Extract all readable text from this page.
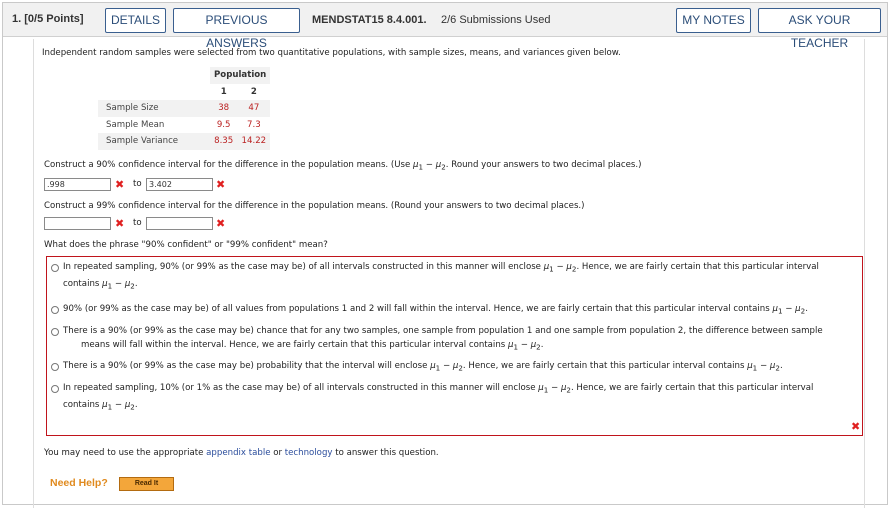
1. [0/5 Points]	DETAILS	PREVIOUS ANSWERS
MENDSTAT15 8.4.001. 2/6 Submissions Used	MY NOTES	ASK YOUR TEACHER
Independent random samples were selected from two quantitative populations, with sample sizes, means, and variances given below.
	Population	
	1	2
Sample Size	38	47
Sample Mean	9.5	7.3
Sample Variance	8.35	14.22
Construct a 90% confidence interval for the difference in the population means. (Use $\mu_1 - \mu_2$. Round your answers to two decimal places.)
.998	✖ to 3.402	✖
Construct a 99% confidence interval for the difference in the population means. (Round your answers to two decimal places.)
✖ to	✖
What does the phrase "90% confident" or "99% confident" mean?
In repeated sampling, 90% (or 99% as the case may be) of all intervals constructed in this manner will enclose $\mu_1 - \mu_2$. Hence, we are fairly certain that this particular interval
contains $\mu_1 - \mu_2$.
90% (or 99% as the case may be) of all values from populations 1 and 2 will fall within the interval. Hence, we are fairly certain that this particular interval contains $\mu_1 - \mu_2$.
There is a 90% (or 99% as the case may be) chance that for any two samples, one sample from population 1 and one sample from population 2, the difference between sample
means will fall within the interval. Hence, we are fairly certain that this particular interval contains $\mu_1 - \mu_2$.
There is a 90% (or 99% as the case may be) probability that the interval will enclose $\mu_1 - \mu_2$. Hence, we are fairly certain that this particular interval contains $\mu_1 - \mu_2$.
In repeated sampling, 10% (or 1% as the case may be) of all intervals constructed in this manner will enclose $\mu_1 - \mu_2$. Hence, we are fairly certain that this particular interval
contains $\mu_1 - \mu_2$.
✖
You may need to use the appropriate appendix table or technology to answer this question.
Need Help?	Read It
